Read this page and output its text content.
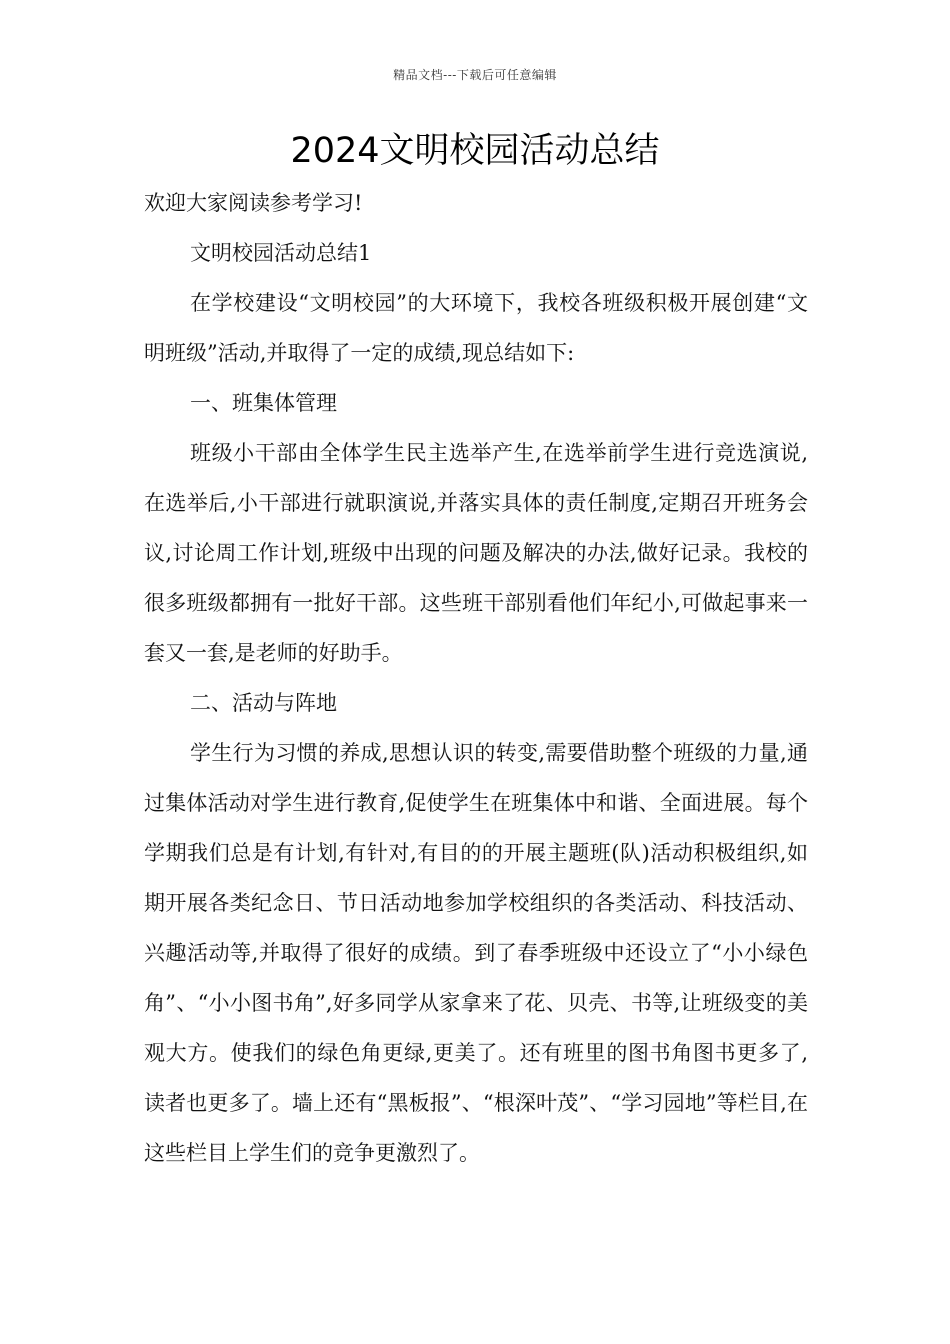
精品文档---下载后可任意编辑
2024文明校园活动总结

欢迎大家阅读参考学习!

文明校园活动总结1

在学校建设“文明校园”的大环境下，我校各班级积极开展创建“文明班级”活动,并取得了一定的成绩,现总结如下:

一、班集体管理

班级小干部由全体学生民主选举产生,在选举前学生进行竞选演说,在选举后,小干部进行就职演说,并落实具体的责任制度,定期召开班务会议,讨论周工作计划,班级中出现的问题及解决的办法,做好记录。我校的很多班级都拥有一批好干部。这些班干部别看他们年纪小,可做起事来一套又一套,是老师的好助手。

二、活动与阵地

学生行为习惯的养成,思想认识的转变,需要借助整个班级的力量,通过集体活动对学生进行教育,促使学生在班集体中和谐、全面进展。每个学期我们总是有计划,有针对,有目的的开展主题班(队)活动积极组织,如期开展各类纪念日、节日活动地参加学校组织的各类活动、科技活动、兴趣活动等,并取得了很好的成绩。到了春季班级中还设立了“小小绿色角”、“小小图书角”,好多同学从家拿来了花、贝壳、书等,让班级变的美观大方。使我们的绿色角更绿,更美了。还有班里的图书角图书更多了,读者也更多了。墙上还有“黑板报”、“根深叶茂”、“学习园地”等栏目,在这些栏目上学生们的竞争更激烈了。
